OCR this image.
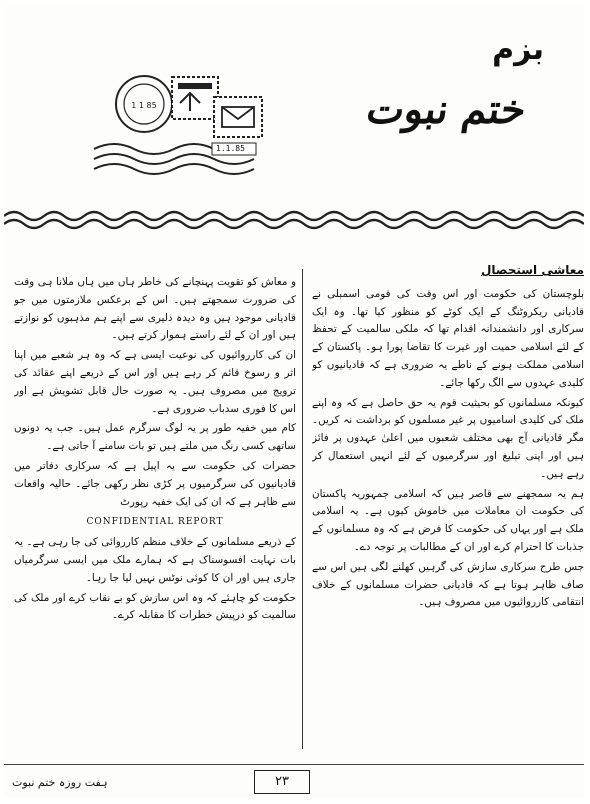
1 1 85
1.1.85
بزم
ختم نبوت
معاشی استحصال

بلوچستان کی حکومت اور اس وقت کی قومی اسمبلی نے قادیانی ریکروٹنگ کے ایک کوٹے کو منظور کیا تھا۔ وہ ایک سرکاری اور دانشمندانہ اقدام تھا کہ ملکی سالمیت کے تحفظ کے لئے اسلامی حمیت اور غیرت کا تقاضا پورا ہو۔ پاکستان کے اسلامی مملکت ہونے کے ناطے یہ ضروری ہے کہ قادیانیوں کو کلیدی عہدوں سے الگ رکھا جائے۔

کیونکہ مسلمانوں کو بحیثیت قوم یہ حق حاصل ہے کہ وہ اپنے ملک کی کلیدی اسامیوں پر غیر مسلموں کو برداشت نہ کریں۔ مگر قادیانی آج بھی مختلف شعبوں میں اعلیٰ عہدوں پر فائز ہیں اور اپنی تبلیغ اور سرگرمیوں کے لئے انہیں استعمال کر رہے ہیں۔

ہم یہ سمجھنے سے قاصر ہیں کہ اسلامی جمہوریہ پاکستان کی حکومت ان معاملات میں خاموش کیوں ہے۔ یہ اسلامی ملک ہے اور یہاں کی حکومت کا فرض ہے کہ وہ مسلمانوں کے جذبات کا احترام کرے اور ان کے مطالبات پر توجہ دے۔

جس طرح سرکاری سازش کی گرہیں کھلنے لگی ہیں اس سے صاف ظاہر ہوتا ہے کہ قادیانی حضرات مسلمانوں کے خلاف انتقامی کارروائیوں میں مصروف ہیں۔

و معاش کو تقویت پہنچانے کی خاطر ہاں میں ہاں ملانا ہی وقت کی ضرورت سمجھتے ہیں۔ اس کے برعکس ملازمتوں میں جو قادیانی موجود ہیں وہ دیدہ دلیری سے اپنے ہم مذہبوں کو نوازتے ہیں اور ان کے لئے راستے ہموار کرتے ہیں۔

ان کی کارروائیوں کی نوعیت ایسی ہے کہ وہ ہر شعبے میں اپنا اثر و رسوخ قائم کر رہے ہیں اور اس کے ذریعے اپنے عقائد کی ترویج میں مصروف ہیں۔ یہ صورت حال قابل تشویش ہے اور اس کا فوری سدباب ضروری ہے۔

کام میں خفیہ طور پر یہ لوگ سرگرم عمل ہیں۔ جب یہ دونوں ساتھی کسی رنگ میں ملتے ہیں تو بات سامنے آ جاتی ہے۔

حضرات کی حکومت سے یہ اپیل ہے کہ سرکاری دفاتر میں قادیانیوں کی سرگرمیوں پر کڑی نظر رکھی جائے۔ حالیہ واقعات سے ظاہر ہے کہ ان کی ایک خفیہ رپورٹ

CONFIDENTIAL REPORT

کے ذریعے مسلمانوں کے خلاف منظم کارروائی کی جا رہی ہے۔ یہ بات نہایت افسوسناک ہے کہ ہمارے ملک میں ایسی سرگرمیاں جاری ہیں اور ان کا کوئی نوٹس نہیں لیا جا رہا۔

حکومت کو چاہئے کہ وہ اس سازش کو بے نقاب کرے اور ملک کی سالمیت کو درپیش خطرات کا مقابلہ کرے۔

ہفت روزہ ختم نبوت	٢٣
